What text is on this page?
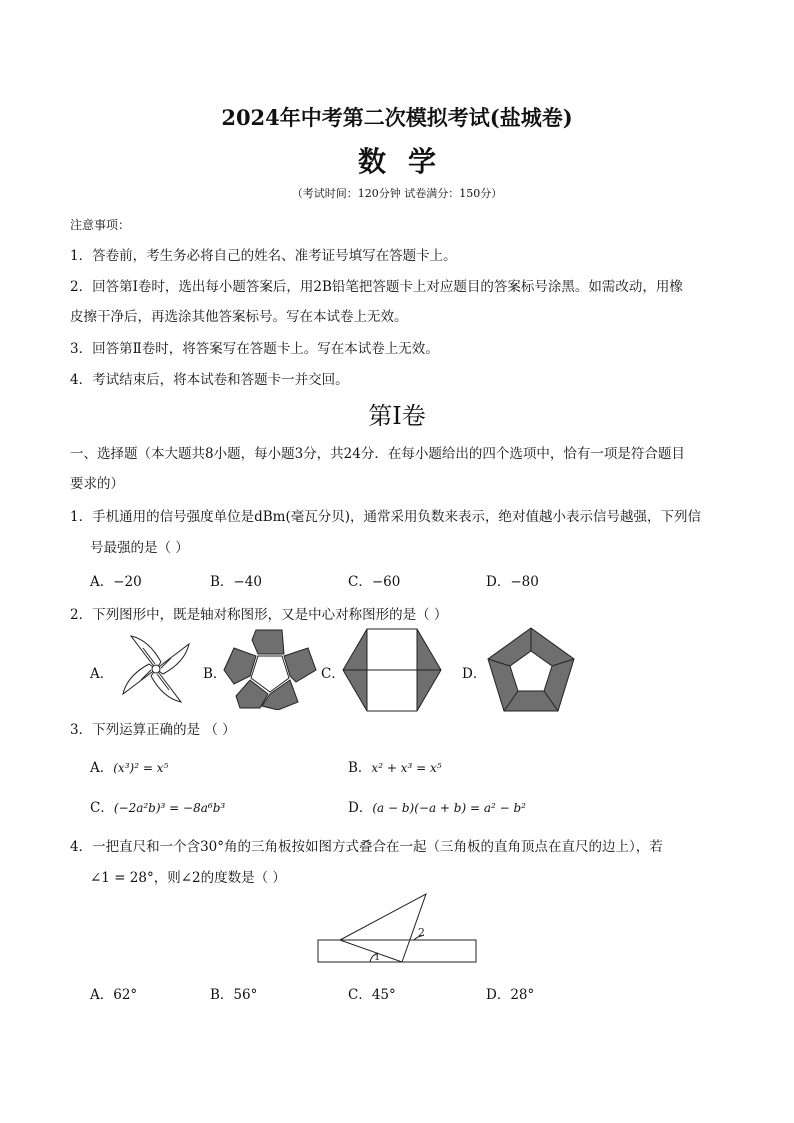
2024年中考第二次模拟考试(盐城卷)
数学
（考试时间：120分钟 试卷满分：150分）
注意事项：
1．答卷前，考生务必将自己的姓名、准考证号填写在答题卡上。
2．回答第Ⅰ卷时，选出每小题答案后，用2B铅笔把答题卡上对应题目的答案标号涂黑。如需改动，用橡
皮擦干净后，再选涂其他答案标号。写在本试卷上无效。
3．回答第Ⅱ卷时，将答案写在答题卡上。写在本试卷上无效。
4．考试结束后，将本试卷和答题卡一并交回。
第Ⅰ卷
一、选择题（本大题共8小题，每小题3分，共24分．在每小题给出的四个选项中，恰有一项是符合题目
要求的）
1．手机通用的信号强度单位是dBm(毫瓦分贝)，通常采用负数来表示，绝对值越小表示信号越强，下列信
号最强的是（ ）
A．−20	B．−40	C．−60	D．−80
2．下列图形中，既是轴对称图形，又是中心对称图形的是（ ）
A．	B．	C．	D．
3．下列运算正确的是 （ ）
A．(x³)² = x⁵	B．x² + x³ = x⁵
C．(−2a²b)³ = −8a⁶b³	D．(a − b)(−a + b) = a² − b²
4．一把直尺和一个含30°角的三角板按如图方式叠合在一起（三角板的直角顶点在直尺的边上），若
∠1 = 28°，则∠2的度数是（ ）
1
2
A．62°	B．56°	C．45°	D．28°
